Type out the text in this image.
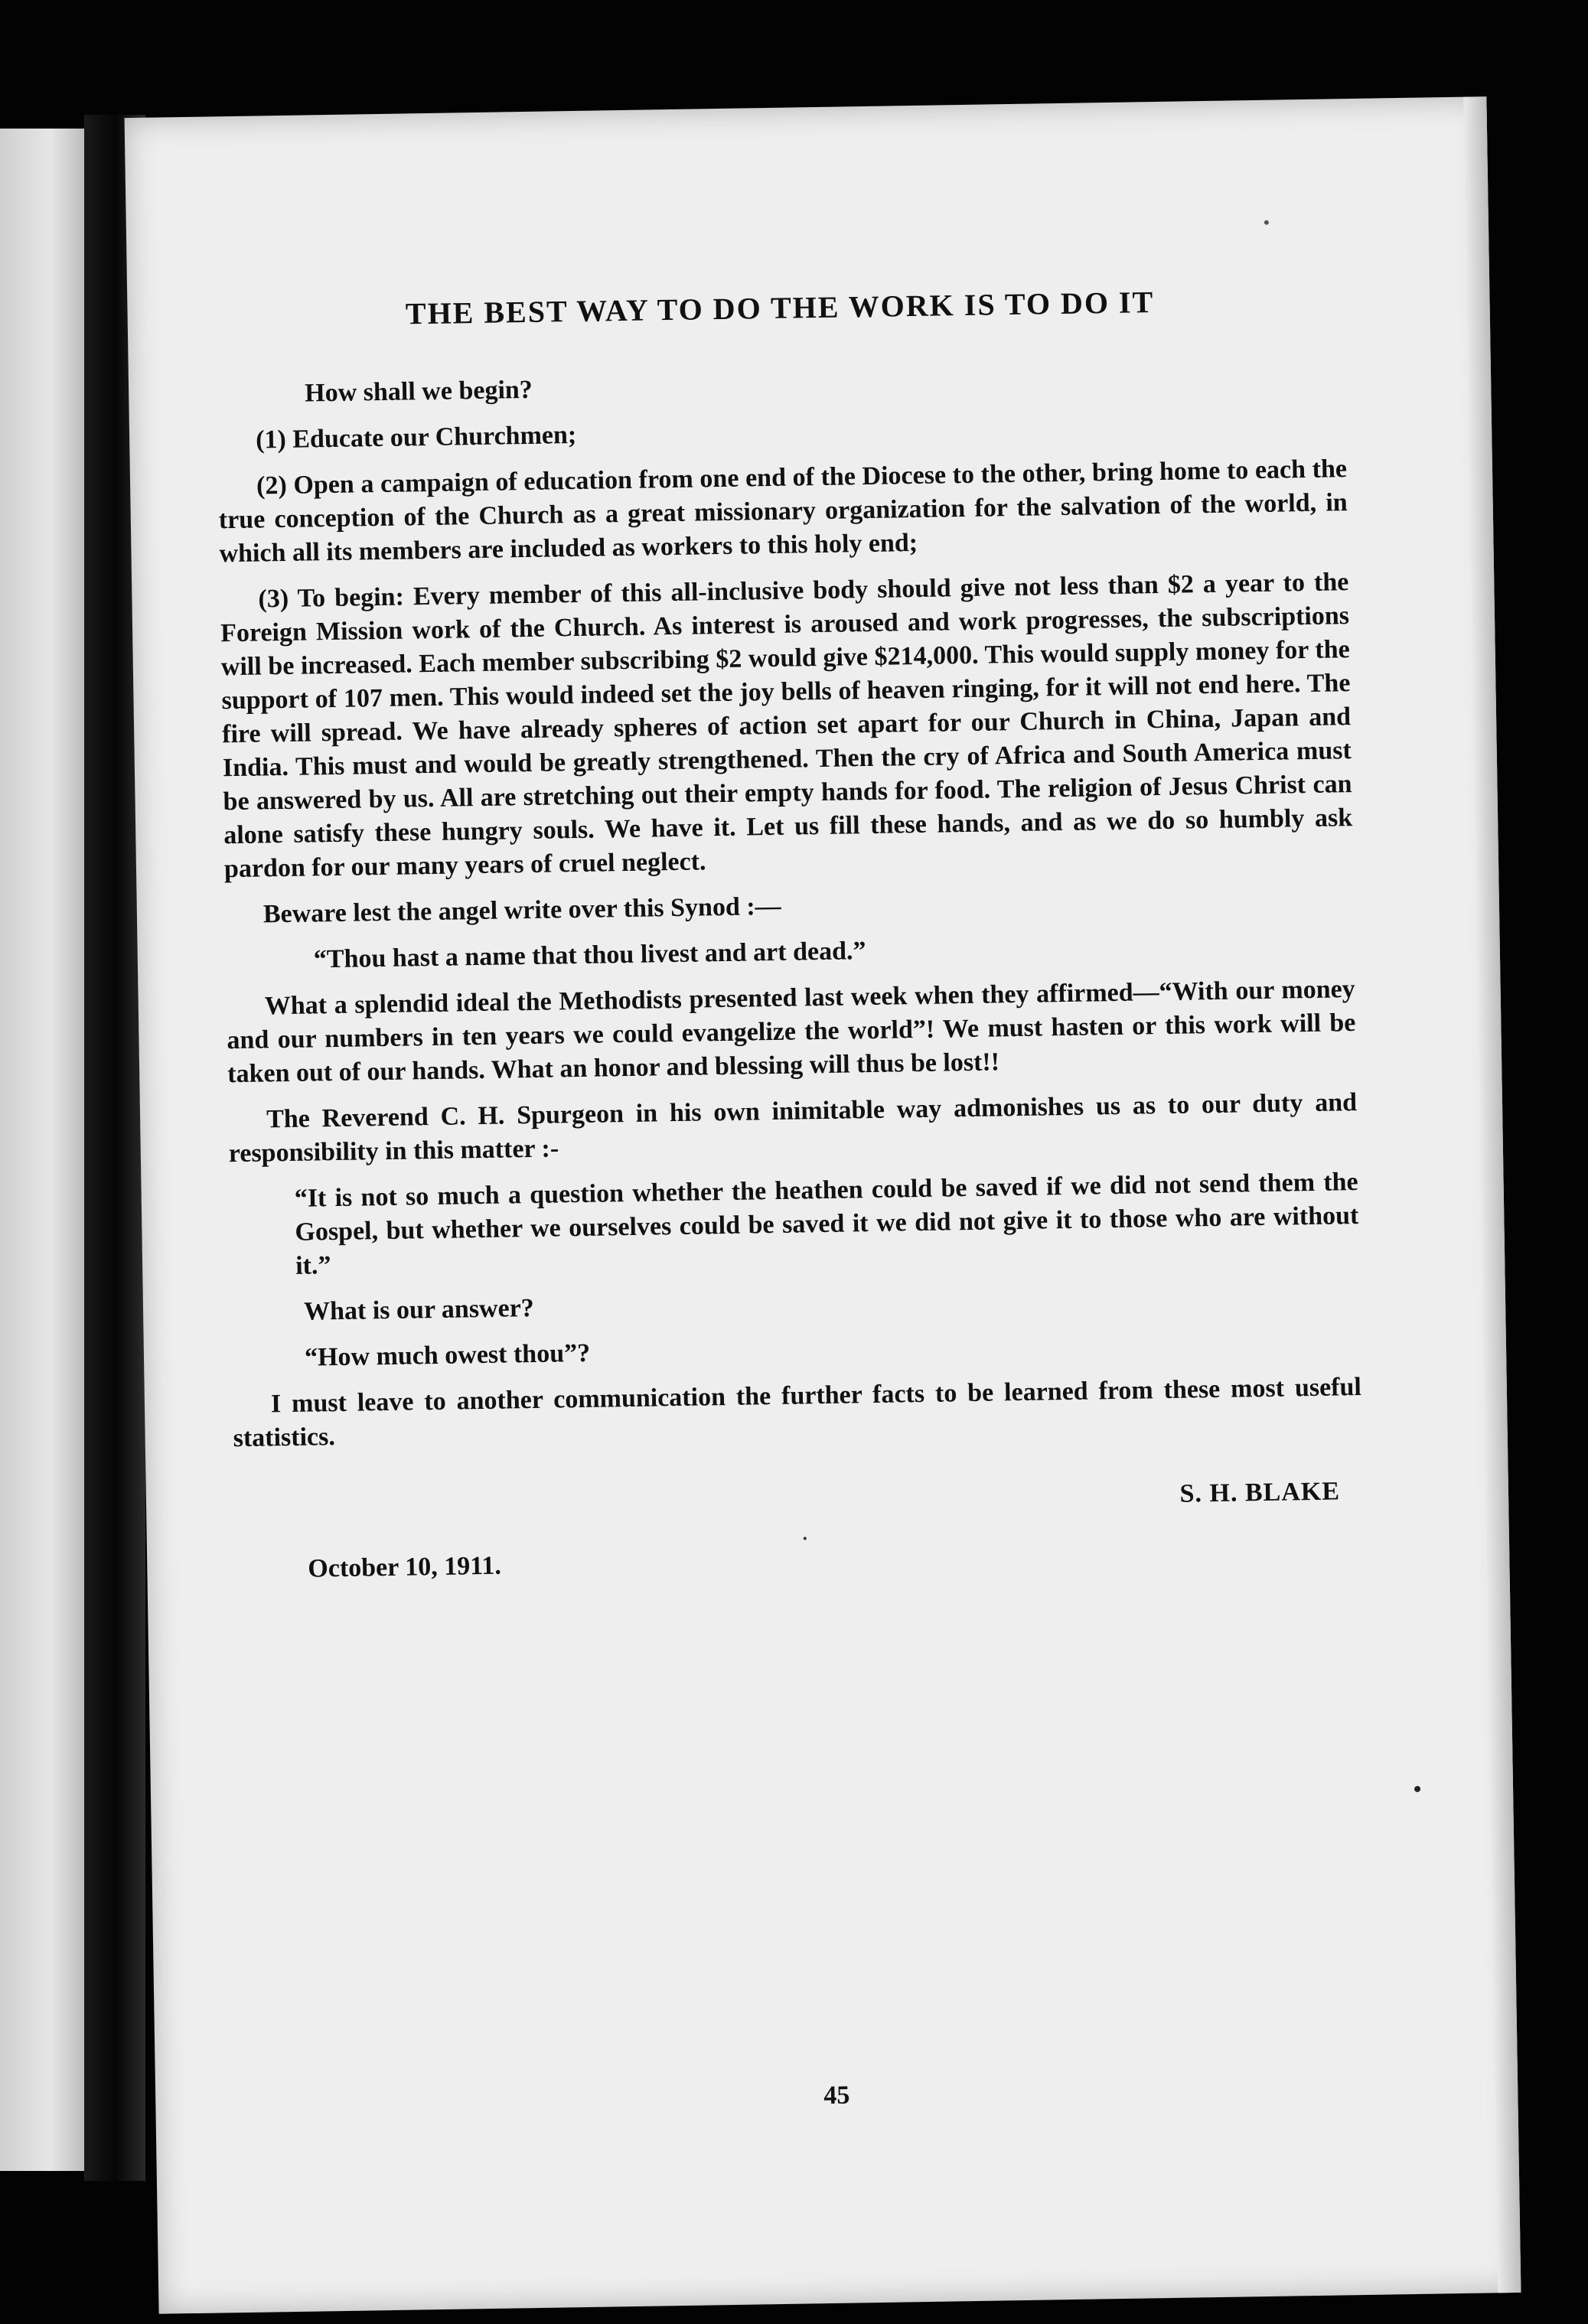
THE BEST WAY TO DO THE WORK IS TO DO IT

How shall we begin?

(1) Educate our Churchmen;

(2) Open a campaign of education from one end of the Diocese to the other, bring home to each the true conception of the Church as a great missionary organization for the salvation of the world, in which all its members are included as workers to this holy end;

(3) To begin: Every member of this all-inclusive body should give not less than $2 a year to the Foreign Mission work of the Church. As interest is aroused and work progresses, the subscriptions will be increased. Each member subscribing $2 would give $214,000. This would supply money for the support of 107 men. This would indeed set the joy bells of heaven ringing, for it will not end here. The fire will spread. We have already spheres of action set apart for our Church in China, Japan and India. This must and would be greatly strengthened. Then the cry of Africa and South America must be answered by us. All are stretching out their empty hands for food. The religion of Jesus Christ can alone satisfy these hungry souls. We have it. Let us fill these hands, and as we do so humbly ask pardon for our many years of cruel neglect.

Beware lest the angel write over this Synod :—

“Thou hast a name that thou livest and art dead.”

What a splendid ideal the Methodists presented last week when they affirmed—“With our money and our numbers in ten years we could evangelize the world”! We must hasten or this work will be taken out of our hands. What an honor and blessing will thus be lost!!

The Reverend C. H. Spurgeon in his own inimitable way admonishes us as to our duty and responsibility in this matter :-

“It is not so much a question whether the heathen could be saved if we did not send them the Gospel, but whether we ourselves could be saved it we did not give it to those who are without it.”

What is our answer?

“How much owest thou”?

I must leave to another communication the further facts to be learned from these most useful statistics.

S. H. BLAKE
October 10, 1911.
45
